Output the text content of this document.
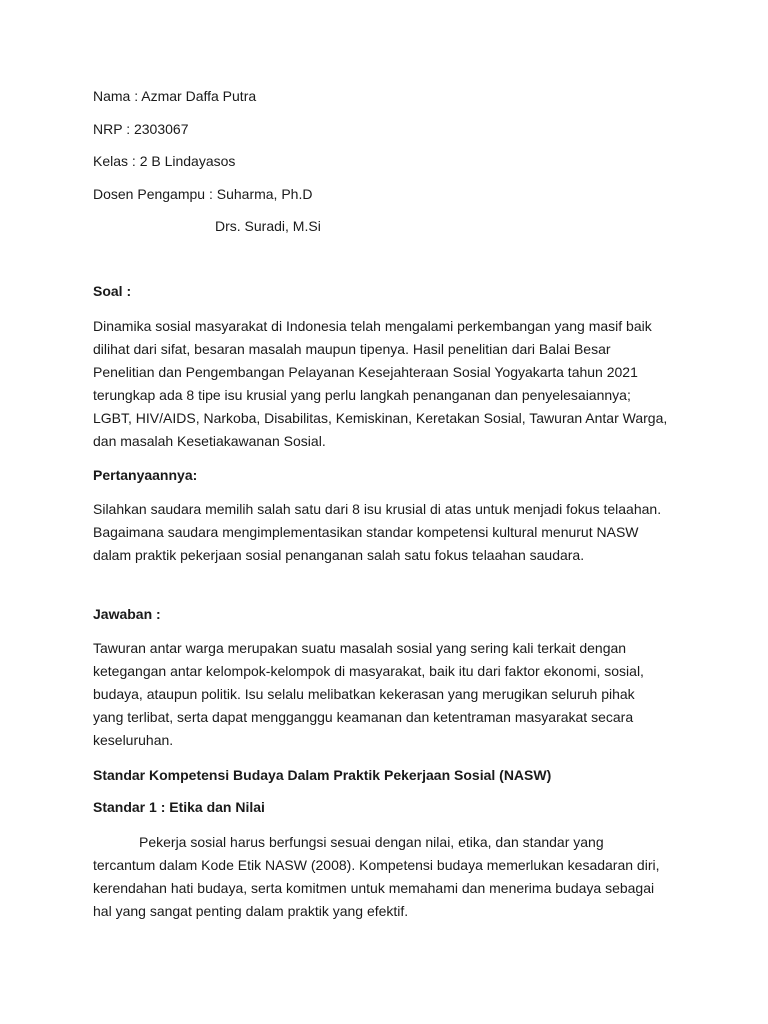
Nama : Azmar Daffa Putra

NRP : 2303067

Kelas : 2 B Lindayasos

Dosen Pengampu : Suharma, Ph.D

Drs. Suradi, M.Si

Soal :

Dinamika sosial masyarakat di Indonesia telah mengalami perkembangan yang masif baik
dilihat dari sifat, besaran masalah maupun tipenya. Hasil penelitian dari Balai Besar
Penelitian dan Pengembangan Pelayanan Kesejahteraan Sosial Yogyakarta tahun 2021
terungkap ada 8 tipe isu krusial yang perlu langkah penanganan dan penyelesaiannya;
LGBT, HIV/AIDS, Narkoba, Disabilitas, Kemiskinan, Keretakan Sosial, Tawuran Antar Warga,
dan masalah Kesetiakawanan Sosial.

Pertanyaannya:

Silahkan saudara memilih salah satu dari 8 isu krusial di atas untuk menjadi fokus telaahan.
Bagaimana saudara mengimplementasikan standar kompetensi kultural menurut NASW
dalam praktik pekerjaan sosial penanganan salah satu fokus telaahan saudara.

Jawaban :

Tawuran antar warga merupakan suatu masalah sosial yang sering kali terkait dengan
ketegangan antar kelompok-kelompok di masyarakat, baik itu dari faktor ekonomi, sosial,
budaya, ataupun politik. Isu selalu melibatkan kekerasan yang merugikan seluruh pihak
yang terlibat, serta dapat mengganggu keamanan dan ketentraman masyarakat secara
keseluruhan.

Standar Kompetensi Budaya Dalam Praktik Pekerjaan Sosial (NASW)

Standar 1 : Etika dan Nilai

Pekerja sosial harus berfungsi sesuai dengan nilai, etika, dan standar yang
tercantum dalam Kode Etik NASW (2008). Kompetensi budaya memerlukan kesadaran diri,
kerendahan hati budaya, serta komitmen untuk memahami dan menerima budaya sebagai
hal yang sangat penting dalam praktik yang efektif.
